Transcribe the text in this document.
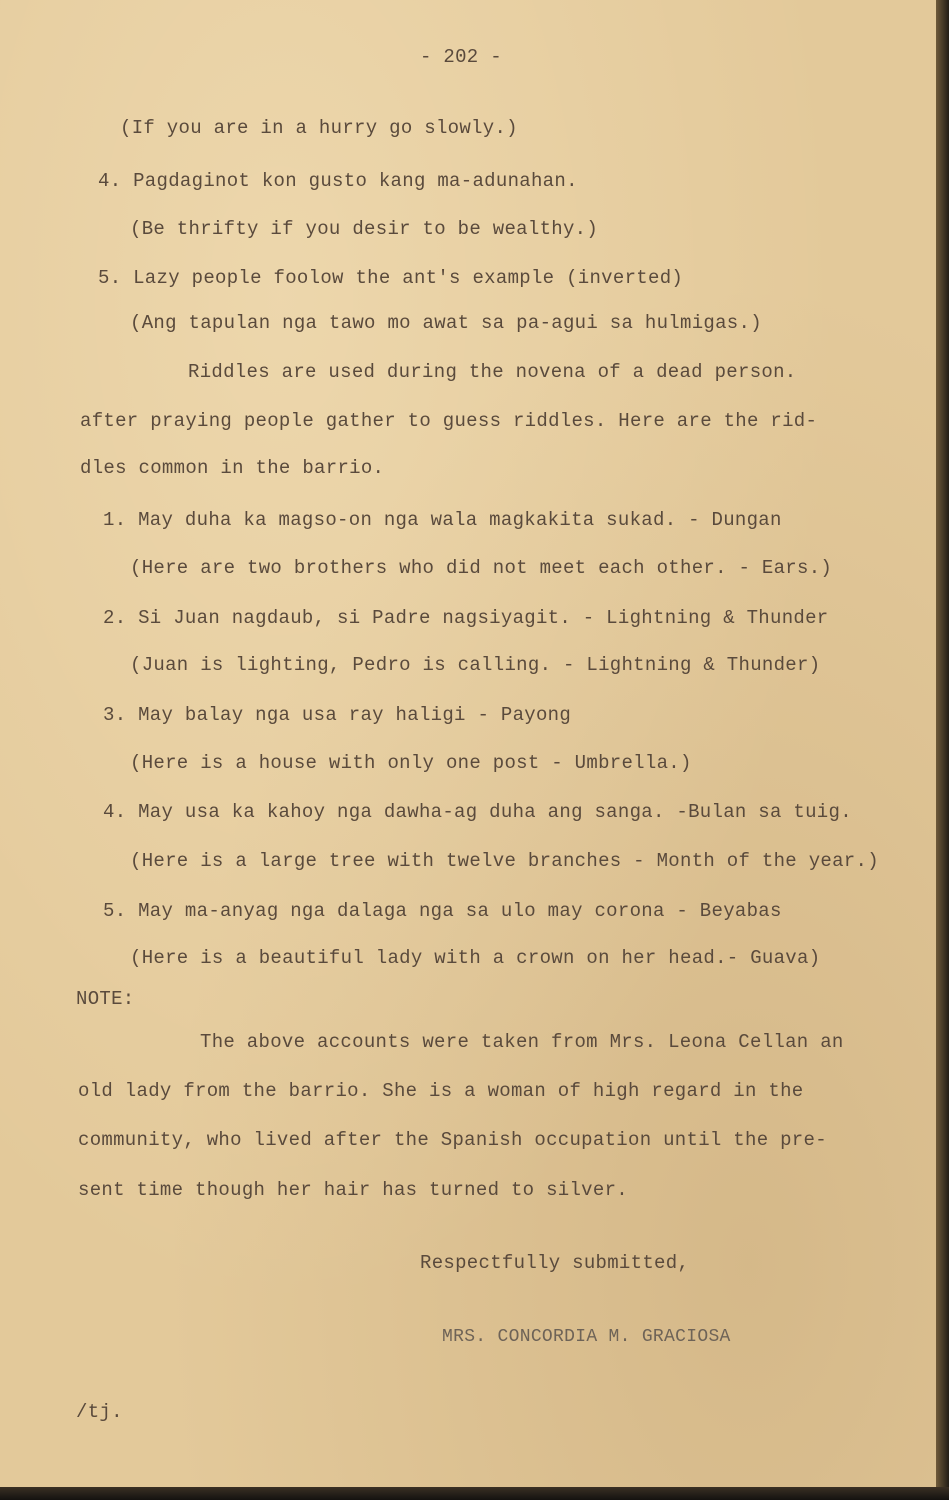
- 202 -
(If you are in a hurry go slowly.)
4. Pagdaginot kon gusto kang ma-adunahan.
(Be thrifty if you desir to be wealthy.)
5. Lazy people foolow the ant's example (inverted)
(Ang tapulan nga tawo mo awat sa pa-agui sa hulmigas.)
Riddles are used during the novena of a dead person.
after praying people gather to guess riddles. Here are the rid-
dles common in the barrio.
1. May duha ka magso-on nga wala magkakita sukad. - Dungan
(Here are two brothers who did not meet each other. - Ears.)
2. Si Juan nagdaub, si Padre nagsiyagit. - Lightning & Thunder
(Juan is lighting, Pedro is calling. - Lightning & Thunder)
3. May balay nga usa ray haligi - Payong
(Here is a house with only one post - Umbrella.)
4. May usa ka kahoy nga dawha-ag duha ang sanga. -Bulan sa tuig.
(Here is a large tree with twelve branches - Month of the year.)
5. May ma-anyag nga dalaga nga sa ulo may corona - Beyabas
(Here is a beautiful lady with a crown on her head.- Guava)
NOTE:
The above accounts were taken from Mrs. Leona Cellan an
old lady from the barrio. She is a woman of high regard in the
community, who lived after the Spanish occupation until the pre-
sent time though her hair has turned to silver.
Respectfully submitted,
MRS. CONCORDIA M. GRACIOSA
/tj.
